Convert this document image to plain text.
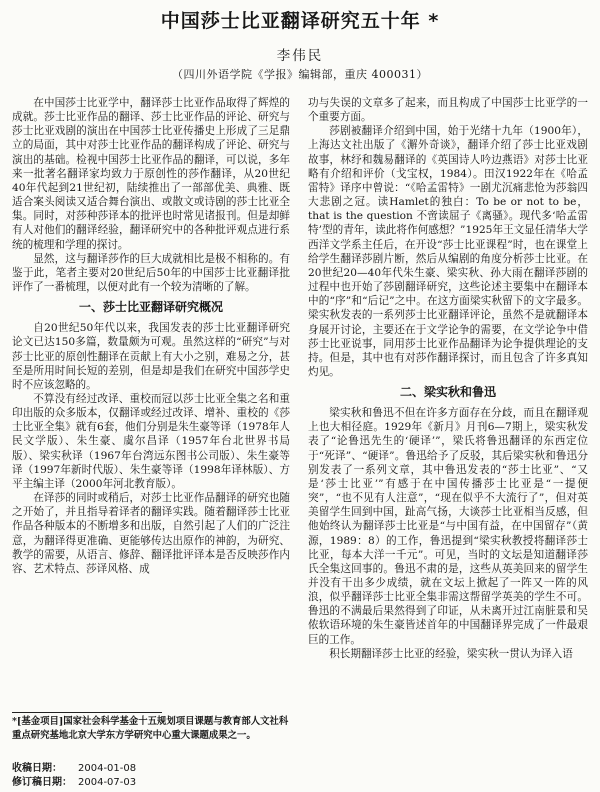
中国莎士比亚翻译研究五十年 *
李伟民
（四川外语学院《学报》编辑部，重庆 400031）

在中国莎士比亚学中，翻译莎士比亚作品取得了辉煌的成就。莎士比亚作品的翻译、莎士比亚作品的评论、研究与莎士比亚戏剧的演出在中国莎士比亚传播史上形成了三足鼎立的局面，其中对莎士比亚作品的翻译构成了评论、研究与演出的基础。检视中国莎士比亚作品的翻译，可以说，多年来一批著名翻译家均致力于原创性的莎作翻译，从20世纪40年代起到21世纪初，陆续推出了一部部优美、典雅、既适合案头阅读又适合舞台演出、或散文或诗剧的莎士比亚全集。同时，对莎种莎译本的批评也时常见诸报刊。但是却鲜有人对他们的翻译经验，翻译研究中的各种批评观点进行系统的梳理和学理的探讨。

显然，这与翻译莎作的巨大成就相比是极不相称的。有鉴于此，笔者主要对20世纪后50年的中国莎士比亚翻译批评作了一番梳理，以便对此有一个较为清晰的了解。

一、莎士比亚翻译研究概况

自20世纪50年代以来，我国发表的莎士比亚翻译研究论文已达150多篇，数量颇为可观。虽然这样的“研究”与对莎士比亚的原创性翻译在贡献上有大小之别，难易之分，甚至是所用时间长短的差别，但是却是我们在研究中国莎学史时不应该忽略的。

不算没有经过改译、重校而冠以莎士比亚全集之名和重印出版的众多版本，仅翻译或经过改译、增补、重校的《莎士比亚全集》就有6套，他们分别是朱生豪等译（1978年人民文学版）、朱生豪、虞尔昌译（1957年台北世界书局版）、梁实秋译（1967年台湾远东图书公司版）、朱生豪等译（1997年新时代版）、朱生豪等译（1998年译林版）、方平主编主译（2000年河北教育版）。

在译莎的同时或稍后，对莎士比亚作品翻译的研究也随之开始了，并且指导着译者的翻译实践。随着翻译莎士比亚作品各种版本的不断增多和出版，自然引起了人们的广泛注意，为翻译得更准确、更能够传达出原作的神韵，为研究、教学的需要，从语言、修辞、翻译批评译本是否反映莎作内容、艺术特点、莎译风格、成

*[基金项目]国家社会科学基金十五规划项目课题与教育部人文社科重点研究基地北京大学东方学研究中心重大课题成果之一。
收稿日期： 2004-01-08
修订稿日期： 2004-07-03

功与失误的文章多了起来，而且构成了中国莎士比亚学的一个重要方面。

莎剧被翻译介绍到中国，始于光绪十九年（1900年），上海达文社出版了《澥外奇谈》，翻译介绍了莎士比亚戏剧故事，林纾和魏易翻译的《英国诗人吟边燕语》对莎士比亚略有介绍和评价（戈宝权，1984）。田汉1922年在《哈孟雷特》译序中曾说：“《哈孟雷特》一剧尤沉痛悲怆为莎翁四大悲剧之冠。读Hamlet的独白：To be or not to be，that is the question 不啻读屈子《离骚》。现代多‘哈孟雷特’型的青年，读此将作何感想？”1925年王文显任清华大学西洋文学系主任后，在开设“莎士比亚课程”时，也在课堂上给学生翻译莎剧片断，然后从编剧的角度分析莎士比亚。在20世纪20—40年代朱生豪、梁实秋、孙大雨在翻译莎剧的过程中也开始了莎剧翻译研究，这些论述主要集中在翻译本中的“序”和“后记”之中。在这方面梁实秋留下的文字最多。梁实秋发表的一系列莎士比亚翻译评论，虽然不是就翻译本身展开讨论，主要还在于文学论争的需要，在文学论争中借莎士比亚说事，同用莎士比亚作品翻译为论争提供理论的支持。但是，其中也有对莎作翻译探讨，而且包含了许多真知灼见。

二、梁实秋和鲁迅

梁实秋和鲁迅不但在许多方面存在分歧，而且在翻译观上也大相径庭。1929年《新月》月刊6—7期上，梁实秋发表了“论鲁迅先生的‘硬译’”，梁氏将鲁迅翻译的东西定位于“死译”、“硬译”。鲁迅给予了反驳，其后梁实秋和鲁迅分别发表了一系列文章，其中鲁迅发表的“莎士比亚”、“又是‘莎士比亚’”有感于在中国传播莎士比亚是“一提便突”，“也不见有人注意”，“现在似乎不大流行了”，但对英美留学生回到中国，趾高气扬，大谈莎士比亚相当反感，但他始终认为翻译莎士比亚是“与中国有益，在中国留存”（黄源，1989：8）的工作，鲁迅提到“梁实秋教授将翻译莎士比亚，每本大洋一千元”。可见，当时的文坛是知道翻译莎氏全集这回事的。鲁迅不肃的是，这些从英美回来的留学生并没有干出多少成绩，就在文坛上掀起了一阵又一阵的风浪，似乎翻译莎士比亚全集非需这帮留学英美的学生不可。鲁迅的不满最后果然得到了印证，从未离开过江南脏景和吴侬软语环境的朱生豪皆述首年的中国翻译界完成了一件最艰巨的工作。

积长期翻译莎士比亚的经验，梁实秋一贯认为译入语
